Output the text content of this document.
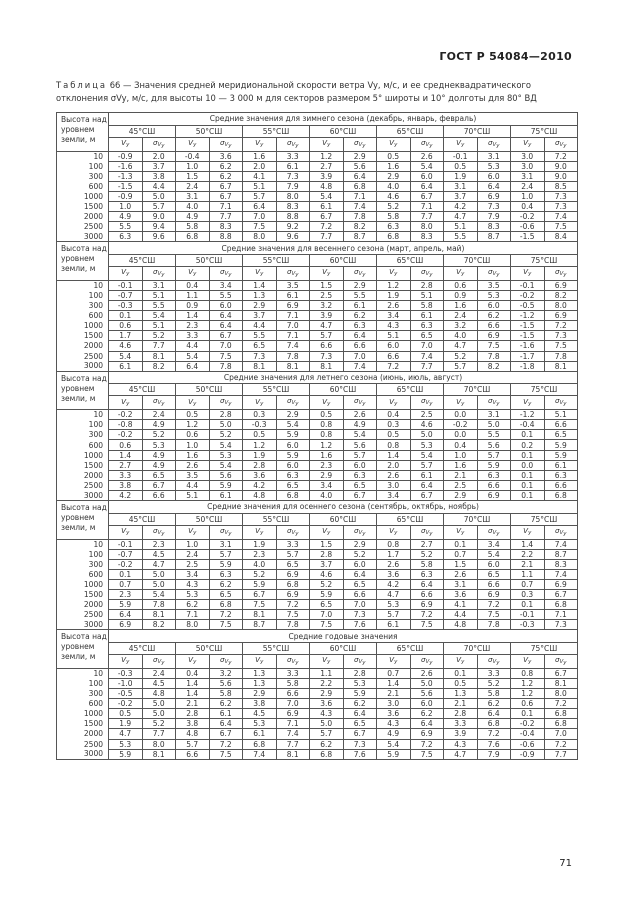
ГОСТ Р 54084—2010
Таблица 66 — Значения средней меридиональной скорости ветра Vy, м/с, и ее среднеквадратического отклонения σVy, м/с, для высоты 10 — 3 000 м для секторов размером 5° широты и 10° долготы для 80° ВД
Высота над уровнем земли, м	Средние значения для зимнего сезона (декабрь, январь, февраль)													
	45°СШ		50°СШ		55°СШ		60°СШ		65°СШ		70°СШ		75°СШ	
	$V_y$	$\sigma_{V_y}$	$V_y$	$\sigma_{V_y}$	$V_y$	$\sigma_{V_y}$	$V_y$	$\sigma_{V_y}$	$V_y$	$\sigma_{V_y}$	$V_y$	$\sigma_{V_y}$	$V_y$	$\sigma_{V_y}$
10	-0.9	2.0	-0.4	3.6	1.6	3.3	1.2	2.9	0.5	2.6	-0.1	3.1	3.0	7.2
100	-1.6	3.7	1.0	6.2	2.0	6.1	2.7	5.6	1.6	5.4	0.5	5.3	3.0	9.0
300	-1.3	3.8	1.5	6.2	4.1	7.3	3.9	6.4	2.9	6.0	1.9	6.0	3.1	9.0
600	-1.5	4.4	2.4	6.7	5.1	7.9	4.8	6.8	4.0	6.4	3.1	6.4	2.4	8.5
1000	-0.9	5.0	3.1	6.7	5.7	8.0	5.4	7.1	4.6	6.7	3.7	6.9	1.0	7.3
1500	1.0	5.7	4.0	7.1	6.4	8.3	6.1	7.4	5.2	7.1	4.2	7.3	0.4	7.3
2000	4.9	9.0	4.9	7.7	7.0	8.8	6.7	7.8	5.8	7.7	4.7	7.9	-0.2	7.4
2500	5.5	9.4	5.8	8.3	7.5	9.2	7.2	8.2	6.3	8.0	5.1	8.3	-0.6	7.5
3000	6.3	9.6	6.8	8.8	8.0	9.6	7.7	8.7	6.8	8.3	5.5	8.7	-1.5	8.4
Высота над уровнем земли, м	Средние значения для весеннего сезона (март, апрель, май)													
	45°СШ		50°СШ		55°СШ		60°СШ		65°СШ		70°СШ		75°СШ	
	$V_y$	$\sigma_{V_y}$	$V_y$	$\sigma_{V_y}$	$V_y$	$\sigma_{V_y}$	$V_y$	$\sigma_{V_y}$	$V_y$	$\sigma_{V_y}$	$V_y$	$\sigma_{V_y}$	$V_y$	$\sigma_{V_y}$
10	-0.1	3.1	0.4	3.4	1.4	3.5	1.5	2.9	1.2	2.8	0.6	3.5	-0.1	6.9
100	-0.7	5.1	1.1	5.5	1.3	6.1	2.5	5.5	1.9	5.1	0.9	5.3	-0.2	8.2
300	-0.3	5.5	0.9	6.0	2.9	6.9	3.2	6.1	2.6	5.8	1.6	6.0	-0.5	8.0
600	0.1	5.4	1.4	6.4	3.7	7.1	3.9	6.2	3.4	6.1	2.4	6.2	-1.2	6.9
1000	0.6	5.1	2.3	6.4	4.4	7.0	4.7	6.3	4.3	6.3	3.2	6.6	-1.5	7.2
1500	1.7	5.2	3.3	6.7	5.5	7.1	5.7	6.4	5.1	6.5	4.0	6.9	-1.5	7.3
2000	4.6	7.7	4.4	7.0	6.5	7.4	6.6	6.6	6.0	7.0	4.7	7.5	-1.6	7.5
2500	5.4	8.1	5.4	7.5	7.3	7.8	7.3	7.0	6.6	7.4	5.2	7.8	-1.7	7.8
3000	6.1	8.2	6.4	7.8	8.1	8.1	8.1	7.4	7.2	7.7	5.7	8.2	-1.8	8.1
Высота над уровнем земли, м	Средние значения для летнего сезона (июнь, июль, август)													
	45°СШ		50°СШ		55°СШ		60°СШ		65°СШ		70°СШ		75°СШ	
	$V_y$	$\sigma_{V_y}$	$V_y$	$\sigma_{V_y}$	$V_y$	$\sigma_{V_y}$	$V_y$	$\sigma_{V_y}$	$V_y$	$\sigma_{V_y}$	$V_y$	$\sigma_{V_y}$	$V_y$	$\sigma_{V_y}$
10	-0.2	2.4	0.5	2.8	0.3	2.9	0.5	2.6	0.4	2.5	0.0	3.1	-1.2	5.1
100	-0.8	4.9	1.2	5.0	-0.3	5.4	0.8	4.9	0.3	4.6	-0.2	5.0	-0.4	6.6
300	-0.2	5.2	0.6	5.2	0.5	5.9	0.8	5.4	0.5	5.0	0.0	5.5	0.1	6.5
600	0.6	5.3	1.0	5.4	1.2	6.0	1.2	5.6	0.8	5.3	0.4	5.6	0.2	5.9
1000	1.4	4.9	1.6	5.3	1.9	5.9	1.6	5.7	1.4	5.4	1.0	5.7	0.1	5.9
1500	2.7	4.9	2.6	5.4	2.8	6.0	2.3	6.0	2.0	5.7	1.6	5.9	0.0	6.1
2000	3.3	6.5	3.5	5.6	3.6	6.3	2.9	6.3	2.6	6.1	2.1	6.3	0.1	6.3
2500	3.8	6.7	4.4	5.9	4.2	6.5	3.4	6.5	3.0	6.4	2.5	6.6	0.1	6.6
3000	4.2	6.6	5.1	6.1	4.8	6.8	4.0	6.7	3.4	6.7	2.9	6.9	0.1	6.8
Высота над уровнем земли, м	Средние значения для осеннего сезона (сентябрь, октябрь, ноябрь)													
	45°СШ		50°СШ		55°СШ		60°СШ		65°СШ		70°СШ		75°СШ	
	$V_y$	$\sigma_{V_y}$	$V_y$	$\sigma_{V_y}$	$V_y$	$\sigma_{V_y}$	$V_y$	$\sigma_{V_y}$	$V_y$	$\sigma_{V_y}$	$V_y$	$\sigma_{V_y}$	$V_y$	$\sigma_{V_y}$
10	-0.1	2.3	1.0	3.1	1.9	3.3	1.5	2.9	0.8	2.7	0.1	3.4	1.4	7.4
100	-0.7	4.5	2.4	5.7	2.3	5.7	2.8	5.2	1.7	5.2	0.7	5.4	2.2	8.7
300	-0.2	4.7	2.5	5.9	4.0	6.5	3.7	6.0	2.6	5.8	1.5	6.0	2.1	8.3
600	0.1	5.0	3.4	6.3	5.2	6.9	4.6	6.4	3.6	6.3	2.6	6.5	1.1	7.4
1000	0.7	5.0	4.3	6.2	5.9	6.8	5.2	6.5	4.2	6.4	3.1	6.6	0.7	6.9
1500	2.3	5.4	5.3	6.5	6.7	6.9	5.9	6.6	4.7	6.6	3.6	6.9	0.3	6.7
2000	5.9	7.8	6.2	6.8	7.5	7.2	6.5	7.0	5.3	6.9	4.1	7.2	0.1	6.8
2500	6.4	8.1	7.1	7.2	8.1	7.5	7.0	7.3	5.7	7.2	4.4	7.5	-0.1	7.1
3000	6.9	8.2	8.0	7.5	8.7	7.8	7.5	7.6	6.1	7.5	4.8	7.8	-0.3	7.3
Высота над уровнем земли, м	Средние годовые значения													
	45°СШ		50°СШ		55°СШ		60°СШ		65°СШ		70°СШ		75°СШ	
	$V_y$	$\sigma_{V_y}$	$V_y$	$\sigma_{V_y}$	$V_y$	$\sigma_{V_y}$	$V_y$	$\sigma_{V_y}$	$V_y$	$\sigma_{V_y}$	$V_y$	$\sigma_{V_y}$	$V_y$	$\sigma_{V_y}$
10	-0.3	2.4	0.4	3.2	1.3	3.3	1.1	2.8	0.7	2.6	0.1	3.3	0.8	6.7
100	-1.0	4.5	1.4	5.6	1.3	5.8	2.2	5.3	1.4	5.0	0.5	5.2	1.2	8.1
300	-0.5	4.8	1.4	5.8	2.9	6.6	2.9	5.9	2.1	5.6	1.3	5.8	1.2	8.0
600	-0.2	5.0	2.1	6.2	3.8	7.0	3.6	6.2	3.0	6.0	2.1	6.2	0.6	7.2
1000	0.5	5.0	2.8	6.1	4.5	6.9	4.3	6.4	3.6	6.2	2.8	6.4	0.1	6.8
1500	1.9	5.2	3.8	6.4	5.3	7.1	5.0	6.5	4.3	6.4	3.3	6.8	-0.2	6.8
2000	4.7	7.7	4.8	6.7	6.1	7.4	5.7	6.7	4.9	6.9	3.9	7.2	-0.4	7.0
2500	5.3	8.0	5.7	7.2	6.8	7.7	6.2	7.3	5.4	7.2	4.3	7.6	-0.6	7.2
3000	5.9	8.1	6.6	7.5	7.4	8.1	6.8	7.6	5.9	7.5	4.7	7.9	-0.9	7.7
71
